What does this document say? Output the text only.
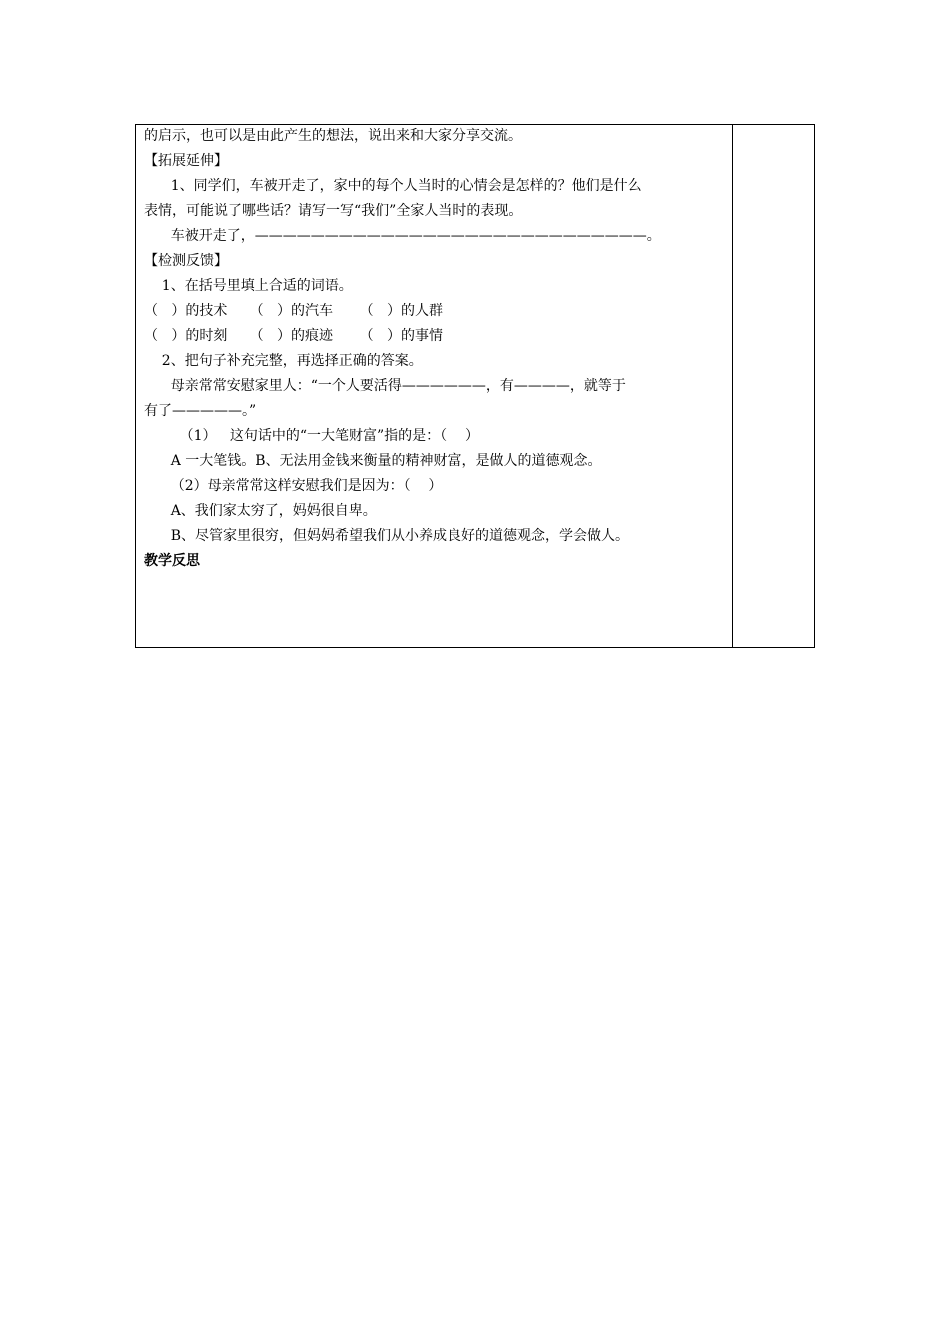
的启示，也可以是由此产生的想法，说出来和大家分享交流。
【拓展延伸】
1、同学们，车被开走了，家中的每个人当时的心情会是怎样的？他们是什么
表情，可能说了哪些话？请写一写“我们”全家人当时的表现。
车被开走了，————————————————————————————。
【检测反馈】
1、在括号里填上合适的词语。
（   ）的技术     （   ）的汽车      （   ）的人群
（   ）的时刻     （   ）的痕迹      （   ）的事情
2、把句子补充完整，再选择正确的答案。
母亲常常安慰家里人：“一个人要活得——————，有————，就等于
有了—————。”
（1）   这句话中的“一大笔财富”指的是：（    ）
A 一大笔钱。B、无法用金钱来衡量的精神财富，是做人的道德观念。
（2）母亲常常这样安慰我们是因为：（    ）
A、我们家太穷了，妈妈很自卑。
B、尽管家里很穷，但妈妈希望我们从小养成良好的道德观念，学会做人。
教学反思
